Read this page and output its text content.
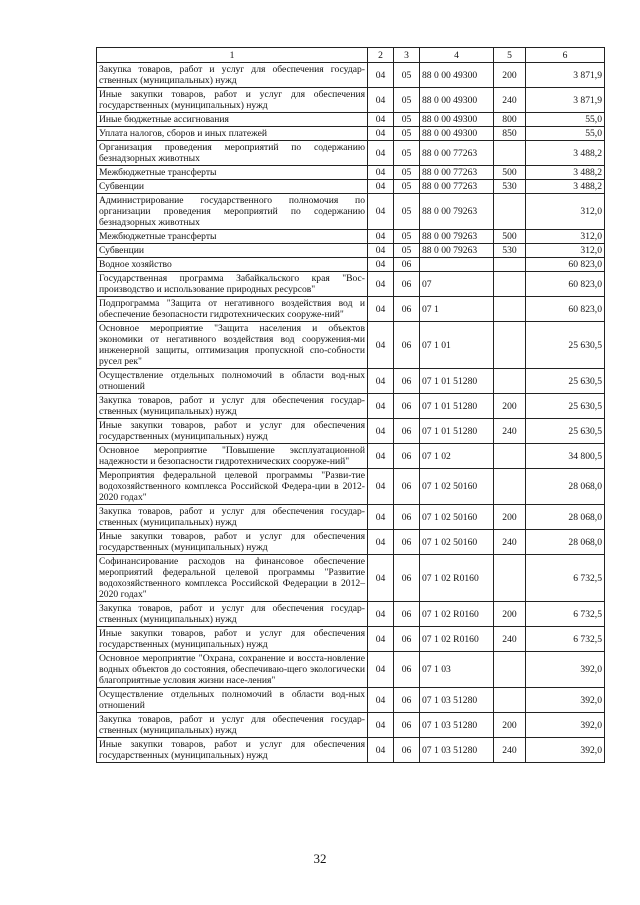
1	2	3	4	5	6
Закупка товаров, работ и услуг для обеспечения государ-ственных (муниципальных) нужд	04	05	88 0 00 49300	200	3 871,9
Иные закупки товаров, работ и услуг для обеспечения государственных (муниципальных) нужд	04	05	88 0 00 49300	240	3 871,9
Иные бюджетные ассигнования	04	05	88 0 00 49300	800	55,0
Уплата налогов, сборов и иных платежей	04	05	88 0 00 49300	850	55,0
Организация проведения мероприятий по содержанию безнадзорных животных	04	05	88 0 00 77263		3 488,2
Межбюджетные трансферты	04	05	88 0 00 77263	500	3 488,2
Субвенции	04	05	88 0 00 77263	530	3 488,2
Администрирование государственного полномочия по организации проведения мероприятий по содержанию безнадзорных животных	04	05	88 0 00 79263		312,0
Межбюджетные трансферты	04	05	88 0 00 79263	500	312,0
Субвенции	04	05	88 0 00 79263	530	312,0
Водное хозяйство	04	06			60 823,0
Государственная программа Забайкальского края "Вос-производство и использование природных ресурсов"	04	06	07		60 823,0
Подпрограмма "Защита от негативного воздействия вод и обеспечение безопасности гидротехнических сооруже-ний"	04	06	07 1		60 823,0
Основное мероприятие "Защита населения и объектов экономики от негативного воздействия вод сооружения-ми инженерной защиты, оптимизация пропускной спо-собности русел рек"	04	06	07 1 01		25 630,5
Осуществление отдельных полномочий в области вод-ных отношений	04	06	07 1 01 51280		25 630,5
Закупка товаров, работ и услуг для обеспечения государ-ственных (муниципальных) нужд	04	06	07 1 01 51280	200	25 630,5
Иные закупки товаров, работ и услуг для обеспечения государственных (муниципальных) нужд	04	06	07 1 01 51280	240	25 630,5
Основное мероприятие "Повышение эксплуатационной надежности и безопасности гидротехнических сооруже-ний"	04	06	07 1 02		34 800,5
Мероприятия федеральной целевой программы "Разви-тие водохозяйственного комплекса Российской Федера-ции в 2012-2020 годах"	04	06	07 1 02 50160		28 068,0
Закупка товаров, работ и услуг для обеспечения государ-ственных (муниципальных) нужд	04	06	07 1 02 50160	200	28 068,0
Иные закупки товаров, работ и услуг для обеспечения государственных (муниципальных) нужд	04	06	07 1 02 50160	240	28 068,0
Софинансирование расходов на финансовое обеспечение мероприятий федеральной целевой программы "Развитие водохозяйственного комплекса Российской Федерации в 2012–2020 годах"	04	06	07 1 02 R0160		6 732,5
Закупка товаров, работ и услуг для обеспечения государ-ственных (муниципальных) нужд	04	06	07 1 02 R0160	200	6 732,5
Иные закупки товаров, работ и услуг для обеспечения государственных (муниципальных) нужд	04	06	07 1 02 R0160	240	6 732,5
Основное мероприятие "Охрана, сохранение и восста-новление водных объектов до состояния, обеспечиваю-щего экологически благоприятные условия жизни насе-ления"	04	06	07 1 03		392,0
Осуществление отдельных полномочий в области вод-ных отношений	04	06	07 1 03 51280		392,0
Закупка товаров, работ и услуг для обеспечения государ-ственных (муниципальных) нужд	04	06	07 1 03 51280	200	392,0
Иные закупки товаров, работ и услуг для обеспечения государственных (муниципальных) нужд	04	06	07 1 03 51280	240	392,0
32
